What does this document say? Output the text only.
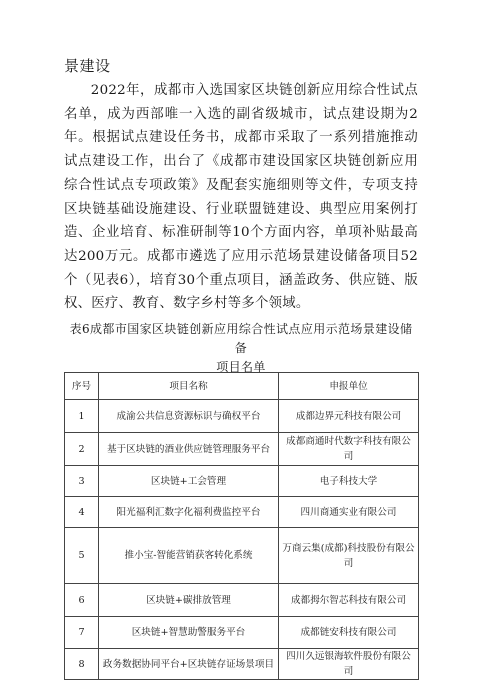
景建设

2022年，成都市入选国家区块链创新应用综合性试点名单，成为西部唯一入选的副省级城市，试点建设期为2年。根据试点建设任务书，成都市采取了一系列措施推动试点建设工作，出台了《成都市建设国家区块链创新应用综合性试点专项政策》及配套实施细则等文件，专项支持区块链基础设施建设、行业联盟链建设、典型应用案例打造、企业培育、标准研制等10个方面内容，单项补贴最高达200万元。成都市遴选了应用示范场景建设储备项目52个（见表6），培育30个重点项目，涵盖政务、供应链、版权、医疗、教育、数字乡村等多个领域。

表6成都市国家区块链创新应用综合性试点应用示范场景建设储备
项目名单

序号	项目名称	申报单位
1	成渝公共信息资源标识与确权平台	成都边界元科技有限公司
2	基于区块链的酒业供应链管理服务平台	成都商通时代数字科技有限公司
3	区块链+工会管理	电子科技大学
4	阳光福利汇数字化福利费监控平台	四川商通实业有限公司
5	推小宝-智能营销获客转化系统	万商云集(成都)科技股份有限公司
6	区块链+碳排放管理	成都拇尔智芯科技有限公司
7	区块链+智慧助警服务平台	成都链安科技有限公司
8	政务数据协同平台+区块链存证场景项目	四川久远银海软件股份有限公司
